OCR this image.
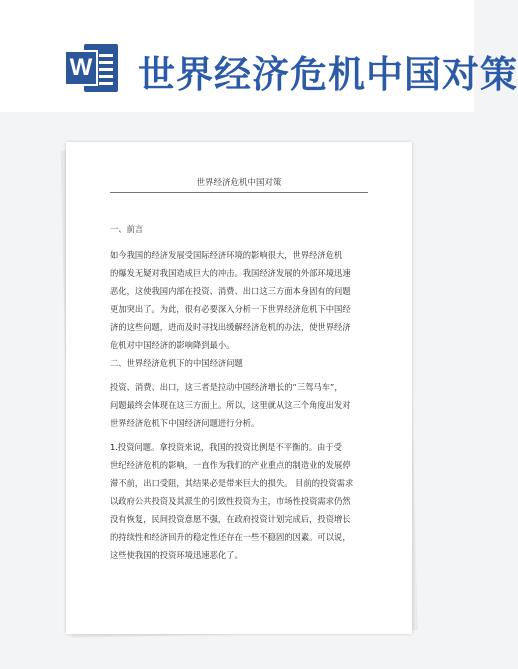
W 世界经济危机中国对策
世界经济危机中国对策
一、前言
如今我国的经济发展受国际经济环境的影响很大，世界经济危机
的爆发无疑对我国造成巨大的冲击。我国经济发展的外部环境迅速
恶化，这使我国内部在投资、消费、出口这三方面本身固有的问题
更加突出了。为此，很有必要深入分析一下世界经济危机下中国经
济的这些问题，进而及时寻找出缓解经济危机的办法，使世界经济
危机对中国经济的影响降到最小。
二、世界经济危机下的中国经济问题
投资、消费、出口，这三者是拉动中国经济增长的“三驾马车”，
问题最终会体现在这三方面上。所以，这里就从这三个角度出发对
世界经济危机下中国经济问题进行分析。
1.投资问题。拿投资来说，我国的投资比例是不平衡的。由于受
世纪经济危机的影响，一直作为我们的产业重点的制造业的发展停
滞不前，出口受阻，其结果必是带来巨大的损失。 目前的投资需求
以政府公共投资及其派生的引致性投资为主，市场性投资需求仍然
没有恢复，民间投资意愿不强，在政府投资计划完成后，投资增长
的持续性和经济回升的稳定性还存在一些不稳固的因素。可以说，
这些使我国的投资环境迅速恶化了。
